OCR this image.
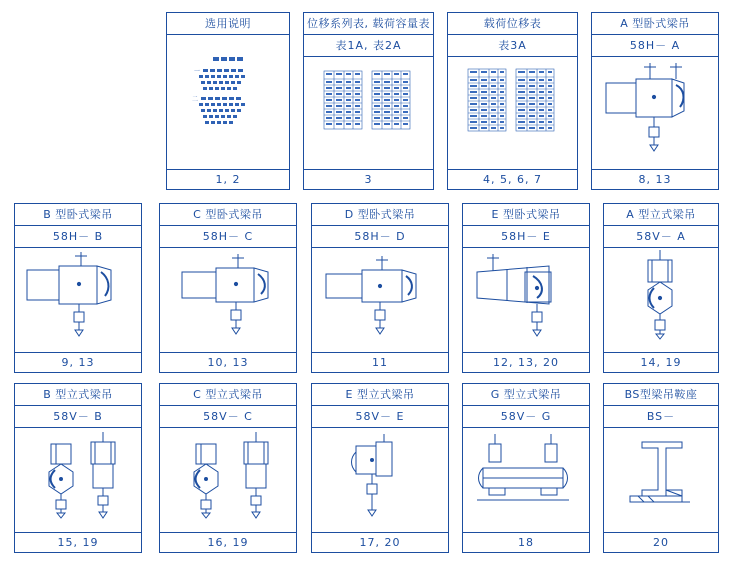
选用说明
一
二
1, 2
位移系列表, 载荷容量表
表1A, 表2A
3
载荷位移表
表3A
4, 5, 6, 7
A 型卧式梁吊
58H－ A
8, 13
B 型卧式梁吊
58H－ B
9, 13
C 型卧式梁吊
58H－ C
10, 13
D 型卧式梁吊
58H－ D
11
E 型卧式梁吊
58H－ E
12, 13, 20
A 型立式梁吊
58V－ A
14, 19
B 型立式梁吊
58V－ B
15, 19
C 型立式梁吊
58V－ C
16, 19
E 型立式梁吊
58V－ E
17, 20
G 型立式梁吊
58V－ G
18
BS型梁吊鞍座
BS－
20
